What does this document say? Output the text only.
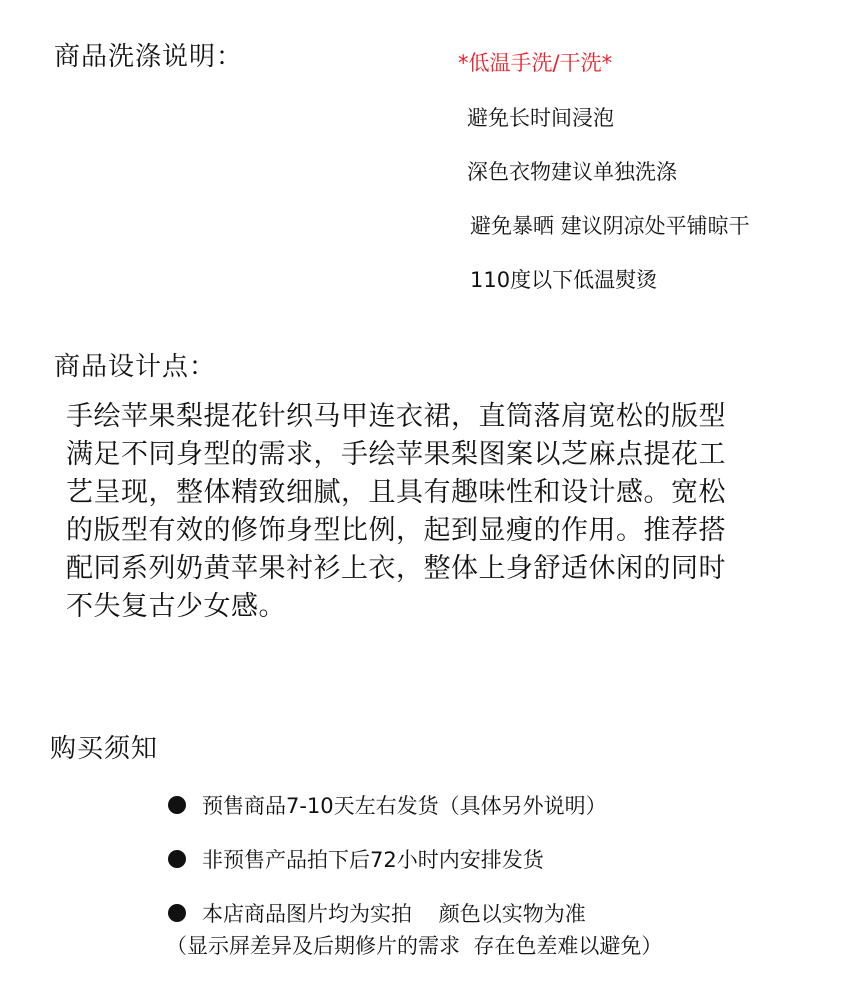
商品洗涤说明：	*低温手洗/干洗*
避免长时间浸泡
深色衣物建议单独洗涤
避免暴晒 建议阴凉处平铺晾干
110度以下低温熨烫
商品设计点：
手绘苹果梨提花针织马甲连衣裙，直筒落肩宽松的版型
满足不同身型的需求，手绘苹果梨图案以芝麻点提花工
艺呈现，整体精致细腻，且具有趣味性和设计感。宽松
的版型有效的修饰身型比例，起到显瘦的作用。推荐搭
配同系列奶黄苹果衬衫上衣，整体上身舒适休闲的同时
不失复古少女感。
购买须知
预售商品7-10天左右发货（具体另外说明）
非预售产品拍下后72小时内安排发货
本店商品图片均为实拍    颜色以实物为准
（显示屏差异及后期修片的需求  存在色差难以避免）
